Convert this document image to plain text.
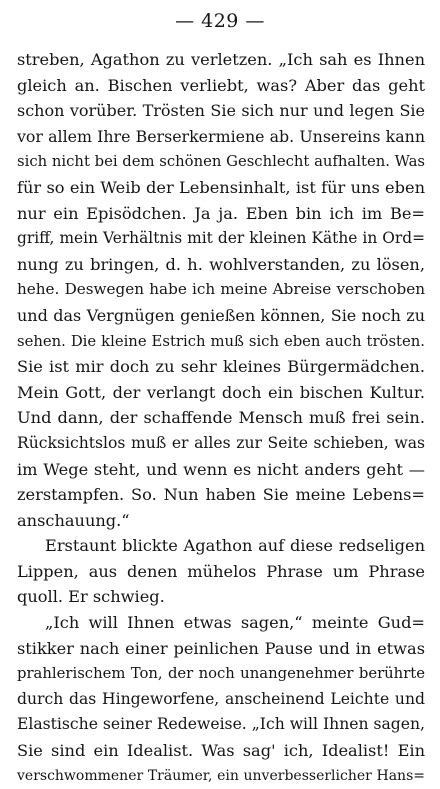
— 429 —
streben, Agathon zu verletzen. „Ich sah es Ihnen
gleich an. Bischen verliebt, was? Aber das geht
schon vorüber. Trösten Sie sich nur und legen Sie
vor allem Ihre Berserkermiene ab. Unsereins kann
sich nicht bei dem schönen Geschlecht aufhalten. Was
für so ein Weib der Lebensinhalt, ist für uns eben
nur ein Episödchen. Ja ja. Eben bin ich im Be=
griff, mein Verhältnis mit der kleinen Käthe in Ord=
nung zu bringen, d. h. wohlverstanden, zu lösen,
hehe. Deswegen habe ich meine Abreise verschoben
und das Vergnügen genießen können, Sie noch zu
sehen. Die kleine Estrich muß sich eben auch trösten.
Sie ist mir doch zu sehr kleines Bürgermädchen.
Mein Gott, der verlangt doch ein bischen Kultur.
Und dann, der schaffende Mensch muß frei sein.
Rücksichtslos muß er alles zur Seite schieben, was
im Wege steht, und wenn es nicht anders geht —
zerstampfen. So. Nun haben Sie meine Lebens=
anschauung.“
Erstaunt blickte Agathon auf diese redseligen
Lippen, aus denen mühelos Phrase um Phrase
quoll. Er schwieg.
„Ich will Ihnen etwas sagen,“ meinte Gud=
stikker nach einer peinlichen Pause und in etwas
prahlerischem Ton, der noch unangenehmer berührte
durch das Hingeworfene, anscheinend Leichte und
Elastische seiner Redeweise. „Ich will Ihnen sagen,
Sie sind ein Idealist. Was sag' ich, Idealist! Ein
verschwommener Träumer, ein unverbesserlicher Hans=
